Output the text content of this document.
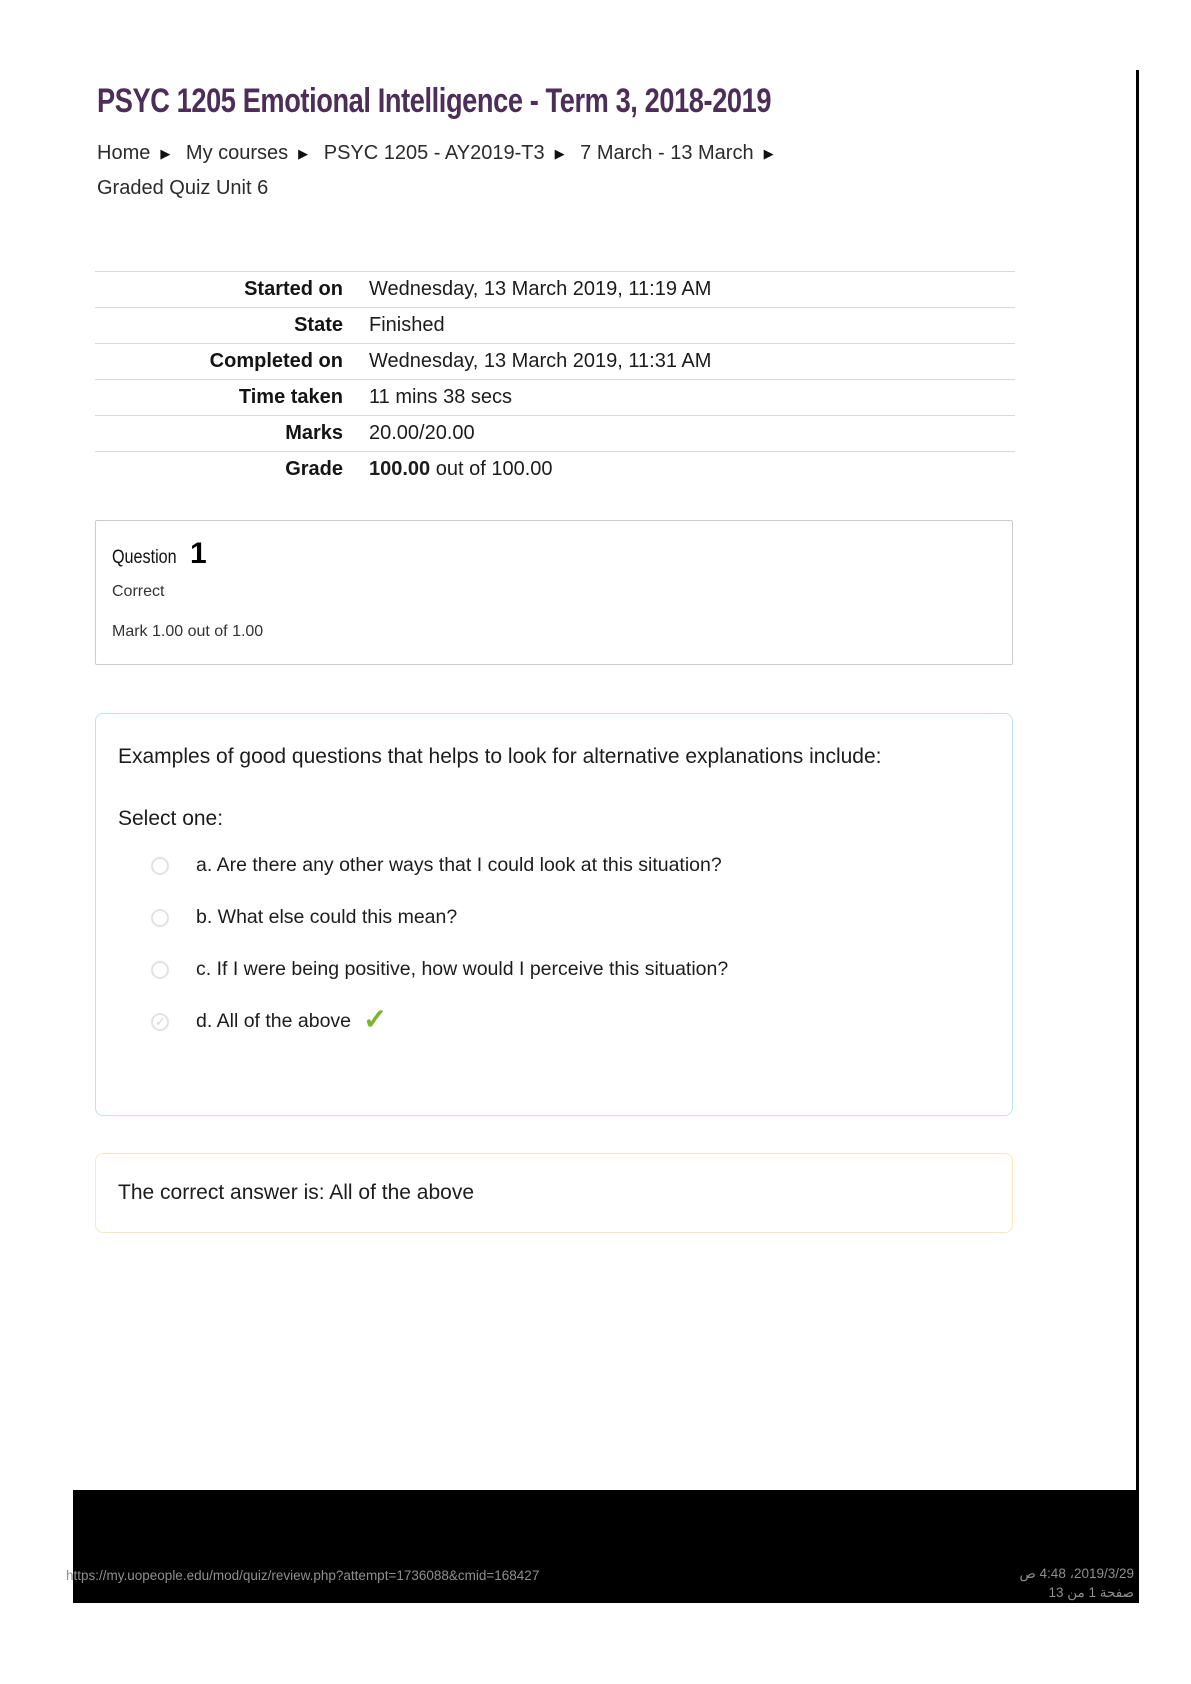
PSYC 1205 Emotional Intelligence - Term 3, 2018-2019
Home ▶ My courses ▶ PSYC 1205 - AY2019-T3 ▶ 7 March - 13 March ▶ Graded Quiz Unit 6
Started on	Wednesday, 13 March 2019, 11:19 AM
State	Finished
Completed on	Wednesday, 13 March 2019, 11:31 AM
Time taken	11 mins 38 secs
Marks	20.00/20.00
Grade	100.00 out of 100.00
Question 1
Correct
Mark 1.00 out of 1.00

Examples of good questions that helps to look for alternative explanations include:

Select one:

a. Are there any other ways that I could look at this situation?
b. What else could this mean?
c. If I were being positive, how would I perceive this situation?
✓
d. All of the above ✓
The correct answer is: All of the above
https://my.uopeople.edu/mod/quiz/review.php?attempt=1736088&cmid=168427	2019/3/29، 4:48 ص
صفحة 1 من 13
